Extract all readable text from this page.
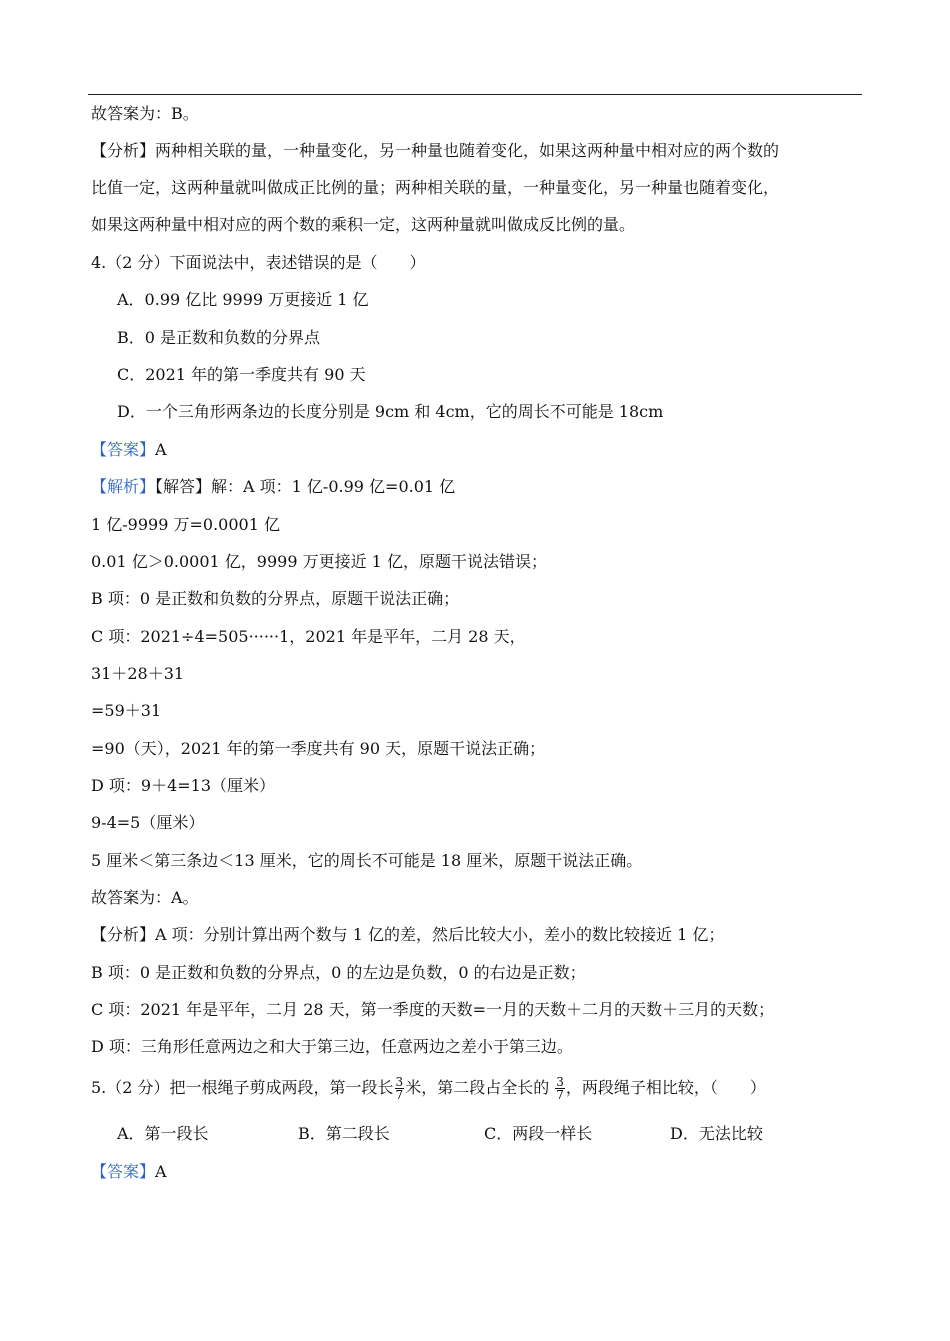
故答案为：B。
【分析】两种相关联的量，一种量变化，另一种量也随着变化，如果这两种量中相对应的两个数的
比值一定，这两种量就叫做成正比例的量；两种相关联的量，一种量变化，另一种量也随着变化，
如果这两种量中相对应的两个数的乘积一定，这两种量就叫做成反比例的量。
4.（2 分）下面说法中，表述错误的是（　　）
A．0.99 亿比 9999 万更接近 1 亿
B．0 是正数和负数的分界点
C．2021 年的第一季度共有 90 天
D．一个三角形两条边的长度分别是 9cm 和 4cm，它的周长不可能是 18cm
【答案】A
【解析】【解答】解：A 项：1 亿-0.99 亿=0.01 亿
1 亿-9999 万=0.0001 亿
0.01 亿＞0.0001 亿，9999 万更接近 1 亿，原题干说法错误；
B 项：0 是正数和负数的分界点，原题干说法正确；
C 项：2021÷4=505······1，2021 年是平年，二月 28 天，
31＋28＋31
=59＋31
=90（天），2021 年的第一季度共有 90 天，原题干说法正确；
D 项：9＋4=13（厘米）
9-4=5（厘米）
5 厘米＜第三条边＜13 厘米，它的周长不可能是 18 厘米，原题干说法正确。
故答案为：A。
【分析】A 项：分别计算出两个数与 1 亿的差，然后比较大小，差小的数比较接近 1 亿；
B 项：0 是正数和负数的分界点，0 的左边是负数，0 的右边是正数；
C 项：2021 年是平年，二月 28 天，第一季度的天数=一月的天数＋二月的天数＋三月的天数；
D 项：三角形任意两边之和大于第三边，任意两边之差小于第三边。
5.（2 分）把一根绳子剪成两段，第一段长 $\frac{3}{7}$ 米，第二段占全长的 $\frac{3}{7}$ ，两段绳子相比较，（　　）
A．第一段长	B．第二段长	C．两段一样长	D．无法比较
【答案】A
